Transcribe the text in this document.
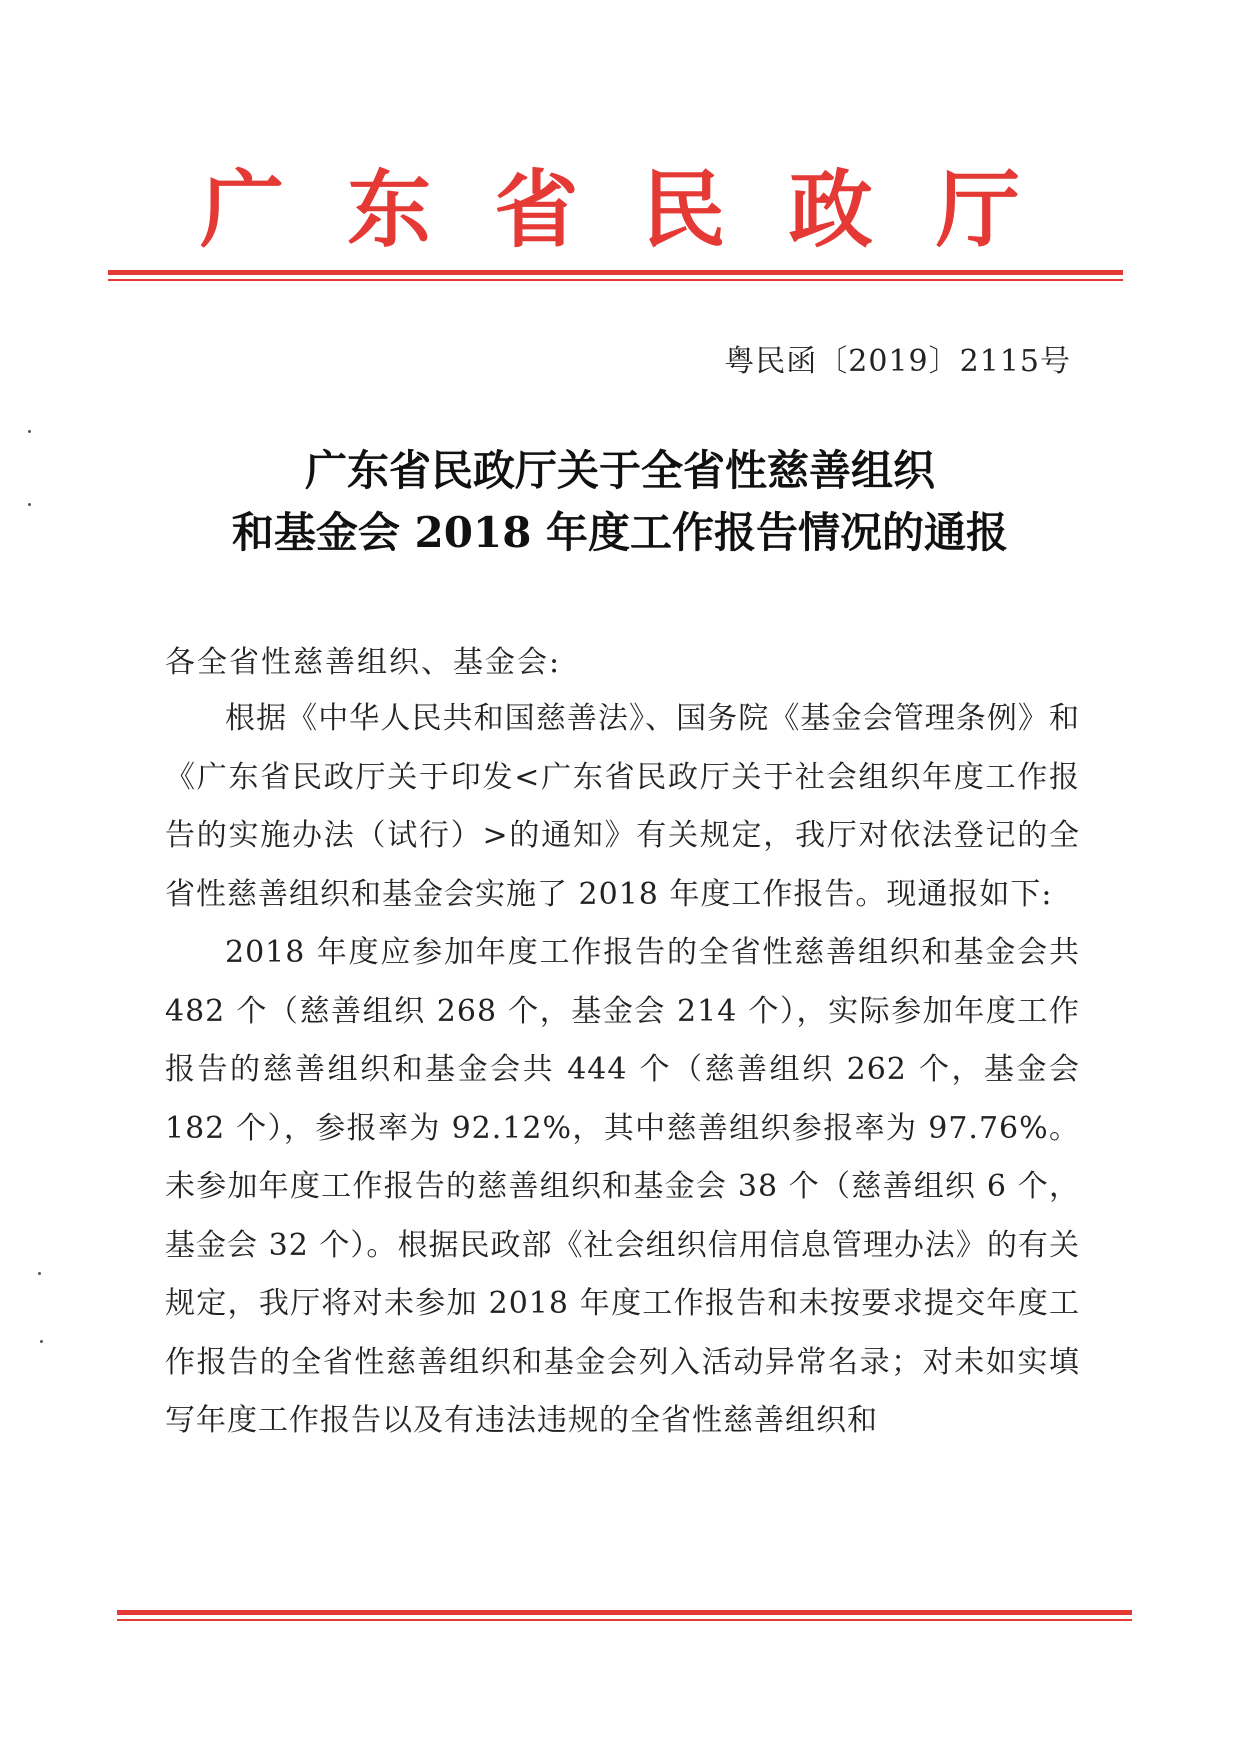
广 东 省 民 政 厅
粤民函〔2019〕2115号
广东省民政厅关于全省性慈善组织
和基金会 2018 年度工作报告情况的通报
各全省性慈善组织、基金会:

根据《中华人民共和国慈善法》、国务院《基金会管理条例》和《广东省民政厅关于印发<广东省民政厅关于社会组织年度工作报告的实施办法（试行）>的通知》有关规定，我厅对依法登记的全省性慈善组织和基金会实施了 2018 年度工作报告。现通报如下:

2018 年度应参加年度工作报告的全省性慈善组织和基金会共 482 个（慈善组织 268 个，基金会 214 个），实际参加年度工作报告的慈善组织和基金会共 444 个（慈善组织 262 个，基金会 182 个），参报率为 92.12%，其中慈善组织参报率为 97.76%。未参加年度工作报告的慈善组织和基金会 38 个（慈善组织 6 个，基金会 32 个）。根据民政部《社会组织信用信息管理办法》的有关规定，我厅将对未参加 2018 年度工作报告和未按要求提交年度工作报告的全省性慈善组织和基金会列入活动异常名录；对未如实填写年度工作报告以及有违法违规的全省性慈善组织和
